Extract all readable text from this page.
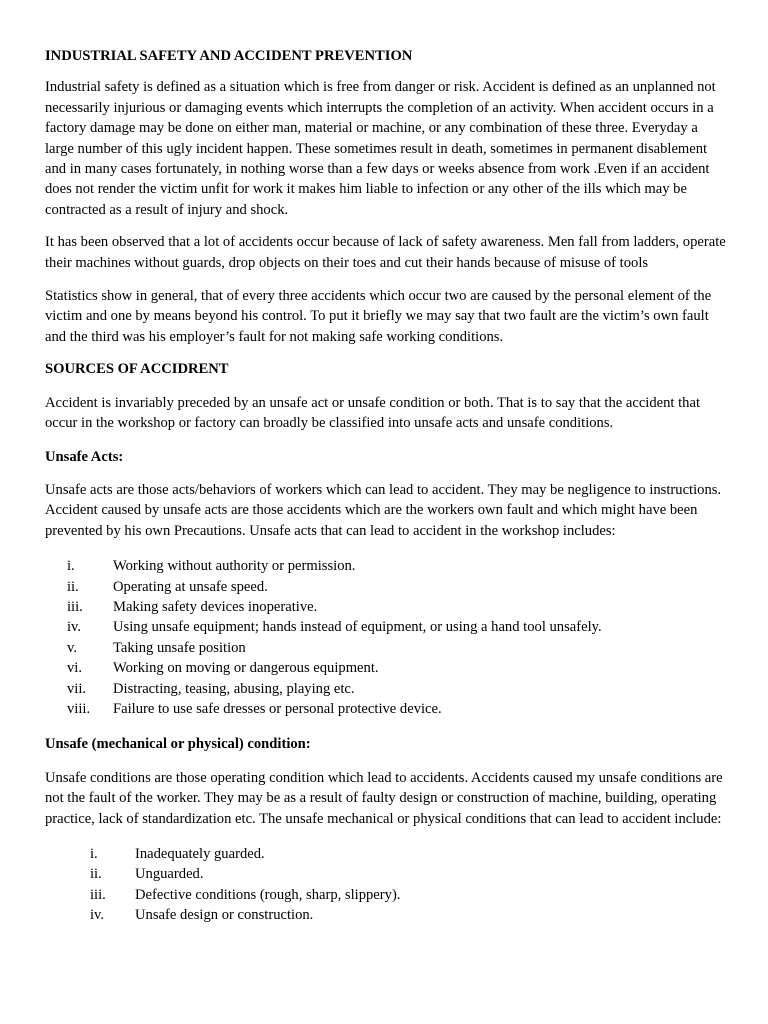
INDUSTRIAL SAFETY AND ACCIDENT PREVENTION

Industrial safety is defined as a situation which is free from danger or risk. Accident is defined as an unplanned not necessarily injurious or damaging events which interrupts the completion of an activity. When accident occurs in a factory damage may be done on either man, material or machine, or any combination of these three. Everyday a large number of this ugly incident happen. These sometimes result in death, sometimes in permanent disablement and in many cases fortunately, in nothing worse than a few days or weeks absence from work .Even if an accident does not render the victim unfit for work it makes him liable to infection or any other of the ills which may be contracted as a result of injury and shock.

It has been observed that a lot of accidents occur because of lack of safety awareness. Men fall from ladders, operate their machines without guards, drop objects on their toes and cut their hands because of misuse of tools

Statistics show in general, that of every three accidents which occur two are caused by the personal element of the victim and one by means beyond his control. To put it briefly we may say that two fault are the victim’s own fault and the third was his employer’s fault for not making safe working conditions.

SOURCES OF ACCIDRENT

Accident is invariably preceded by an unsafe act or unsafe condition or both. That is to say that the accident that occur in the workshop or factory can broadly be classified into unsafe acts and unsafe conditions.

Unsafe Acts:

Unsafe acts are those acts/behaviors of workers which can lead to accident. They may be negligence to instructions. Accident caused by unsafe acts are those accidents which are the workers own fault and which might have been prevented by his own Precautions. Unsafe acts that can lead to accident in the workshop includes:

i.	Working without authority or permission.
ii. Operating at unsafe speed.
iii. Making safety devices inoperative.
iv. Using unsafe equipment; hands instead of equipment, or using a hand tool unsafely.
v. Taking unsafe position
vi. Working on moving or dangerous equipment.
vii. Distracting, teasing, abusing, playing etc.
viii. Failure to use safe dresses or personal protective device.
Unsafe (mechanical or physical) condition:

Unsafe conditions are those operating condition which lead to accidents. Accidents caused my unsafe conditions are not the fault of the worker. They may be as a result of faulty design or construction of machine, building, operating practice, lack of standardization etc. The unsafe mechanical or physical conditions that can lead to accident include:

i.	Inadequately guarded.
ii. Unguarded.
iii. Defective conditions (rough, sharp, slippery).
iv. Unsafe design or construction.
